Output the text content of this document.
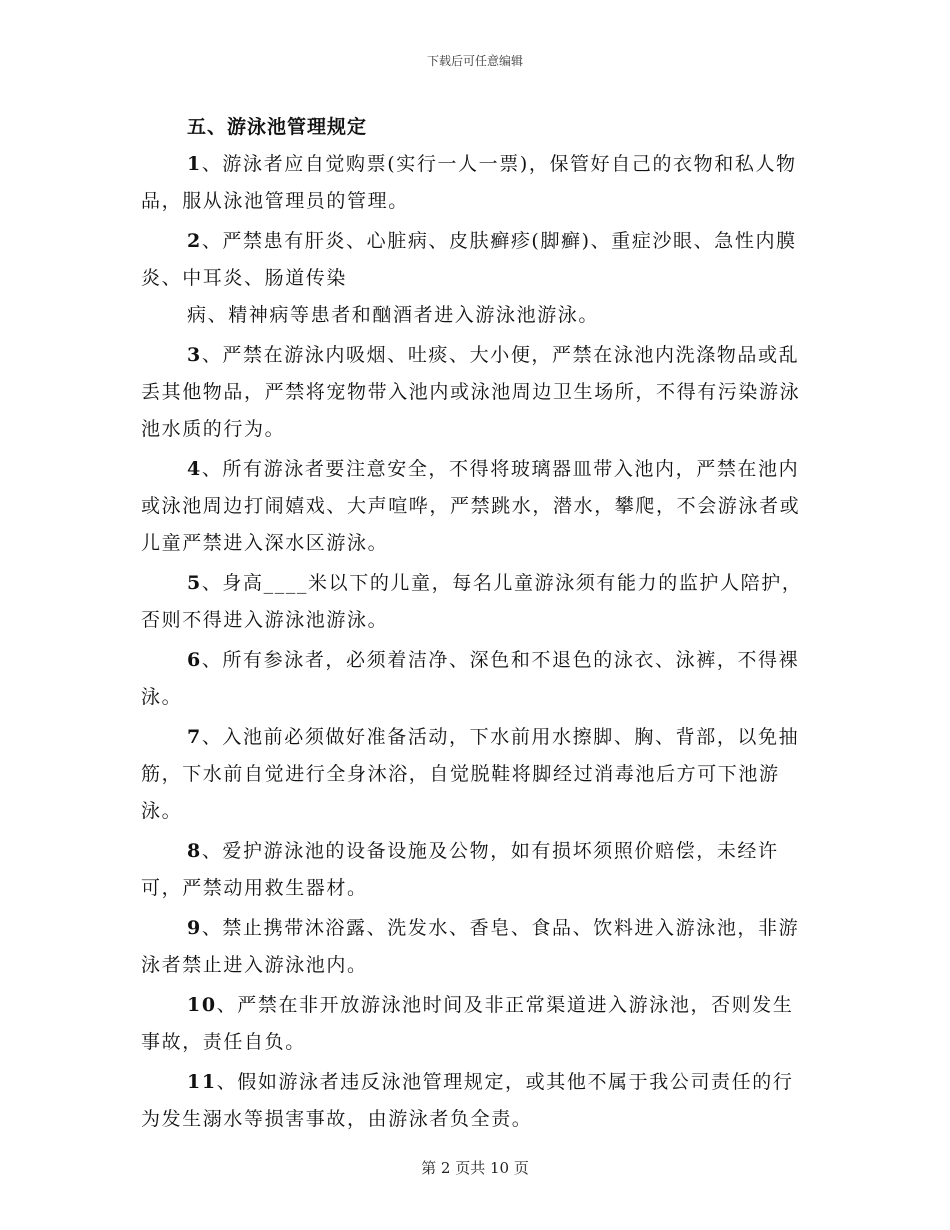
下载后可任意编辑
五、游泳池管理规定

1、游泳者应自觉购票(实行一人一票)，保管好自己的衣物和私人物品，服从泳池管理员的管理。

2、严禁患有肝炎、心脏病、皮肤癣疹(脚癣)、重症沙眼、急性内膜炎、中耳炎、肠道传染

病、精神病等患者和酗酒者进入游泳池游泳。

3、严禁在游泳内吸烟、吐痰、大小便，严禁在泳池内洗涤物品或乱丢其他物品，严禁将宠物带入池内或泳池周边卫生场所，不得有污染游泳池水质的行为。

4、所有游泳者要注意安全，不得将玻璃器皿带入池内，严禁在池内或泳池周边打闹嬉戏、大声喧哗，严禁跳水，潜水，攀爬，不会游泳者或儿童严禁进入深水区游泳。

5、身高____米以下的儿童，每名儿童游泳须有能力的监护人陪护，否则不得进入游泳池游泳。

6、所有参泳者，必须着洁净、深色和不退色的泳衣、泳裤，不得裸泳。

7、入池前必须做好准备活动，下水前用水擦脚、胸、背部，以免抽筋，下水前自觉进行全身沐浴，自觉脱鞋将脚经过消毒池后方可下池游泳。

8、爱护游泳池的设备设施及公物，如有损坏须照价赔偿，未经许可，严禁动用救生器材。

9、禁止携带沐浴露、洗发水、香皂、食品、饮料进入游泳池，非游泳者禁止进入游泳池内。

10、严禁在非开放游泳池时间及非正常渠道进入游泳池，否则发生事故，责任自负。

11、假如游泳者违反泳池管理规定，或其他不属于我公司责任的行为发生溺水等损害事故，由游泳者负全责。

第 2 页共 10 页
